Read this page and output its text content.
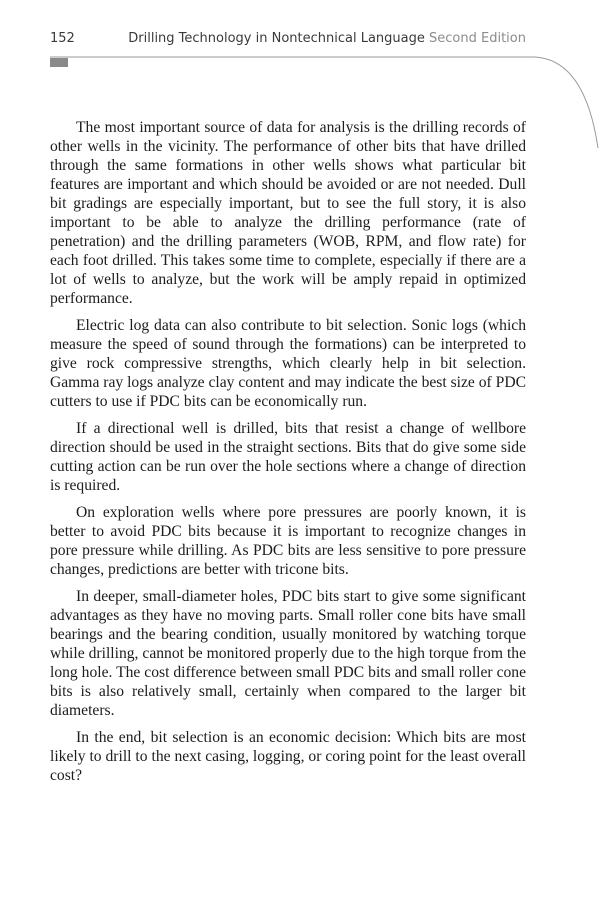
152	Drilling Technology in Nontechnical Language Second Edition

The most important source of data for analysis is the drilling records of other wells in the vicinity. The performance of other bits that have drilled through the same formations in other wells shows what particular bit features are important and which should be avoided or are not needed. Dull bit gradings are especially important, but to see the full story, it is also important to be able to analyze the drilling performance (rate of penetration) and the drilling parameters (WOB, RPM, and flow rate) for each foot drilled. This takes some time to complete, especially if there are a lot of wells to analyze, but the work will be amply repaid in optimized performance.

Electric log data can also contribute to bit selection. Sonic logs (which measure the speed of sound through the formations) can be interpreted to give rock compressive strengths, which clearly help in bit selection. Gamma ray logs analyze clay content and may indicate the best size of PDC cutters to use if PDC bits can be economically run.

If a directional well is drilled, bits that resist a change of wellbore direction should be used in the straight sections. Bits that do give some side cutting action can be run over the hole sections where a change of direction is required.

On exploration wells where pore pressures are poorly known, it is better to avoid PDC bits because it is important to recognize changes in pore pressure while drilling. As PDC bits are less sensitive to pore pressure changes, predictions are better with tricone bits.

In deeper, small-diameter holes, PDC bits start to give some significant advantages as they have no moving parts. Small roller cone bits have small bearings and the bearing condition, usually monitored by watching torque while drilling, cannot be monitored properly due to the high torque from the long hole. The cost difference between small PDC bits and small roller cone bits is also relatively small, certainly when compared to the larger bit diameters.

In the end, bit selection is an economic decision: Which bits are most likely to drill to the next casing, logging, or coring point for the least overall cost?
